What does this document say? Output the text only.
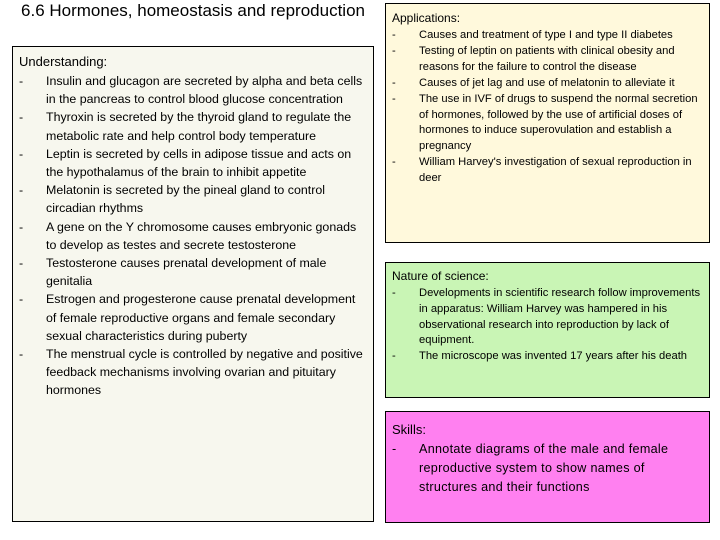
6.6 Hormones, homeostasis and reproduction
Understanding:
- Insulin and glucagon are secreted by alpha and beta cells in the pancreas to control blood glucose concentration
- Thyroxin is secreted by the thyroid gland to regulate the metabolic rate and help control body temperature
- Leptin is secreted by cells in adipose tissue and acts on the hypothalamus of the brain to inhibit appetite
- Melatonin is secreted by the pineal gland to control circadian rhythms
- A gene on the Y chromosome causes embryonic gonads to develop as testes and secrete testosterone
- Testosterone causes prenatal development of male genitalia
- Estrogen and progesterone cause prenatal development of female reproductive organs and female secondary sexual characteristics during puberty
- The menstrual cycle is controlled by negative and positive feedback mechanisms involving ovarian and pituitary hormones
Applications:
- Causes and treatment of type I and type II diabetes
- Testing of leptin on patients with clinical obesity and reasons for the failure to control the disease
- Causes of jet lag and use of melatonin to alleviate it
- The use in IVF of drugs to suspend the normal secretion of hormones, followed by the use of artificial doses of hormones to induce superovulation and establish a pregnancy
- William Harvey's investigation of sexual reproduction in deer
Nature of science:
- Developments in scientific research follow improvements in apparatus: William Harvey was hampered in his observational research into reproduction by lack of equipment.
- The microscope was invented 17 years after his death
Skills:
- Annotate diagrams of the male and female reproductive system to show names of structures and their functions
